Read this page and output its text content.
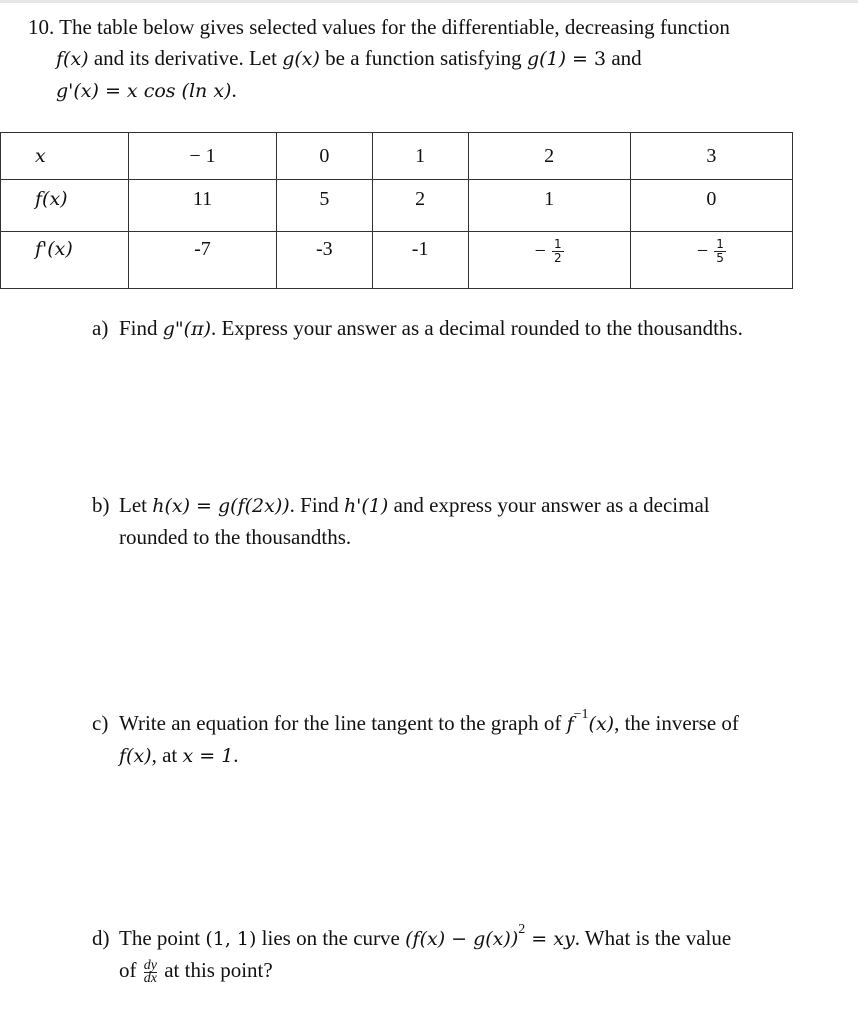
10. The table below gives selected values for the differentiable, decreasing function
f(x) and its derivative. Let g(x) be a function satisfying g(1) = 3 and
g'(x) = x cos (ln x).
x	− 1	0	1	2	3
f(x)	11	5	2	1	0
f'(x)	-7	-3	-1	− $\frac{1}{2}$	− $\frac{1}{5}$
a) Find g"(π). Express your answer as a decimal rounded to the thousandths.
b) Let h(x) = g(f(2x)). Find h'(1) and express your answer as a decimal
rounded to the thousandths.
c) Write an equation for the line tangent to the graph of $f^{-1}(x)$, the inverse of
f(x), at x = 1.
d) The point (1, 1) lies on the curve $(f(x) - g(x))^2$ = xy. What is the value
of $\frac{dy}{dx}$ at this point?
